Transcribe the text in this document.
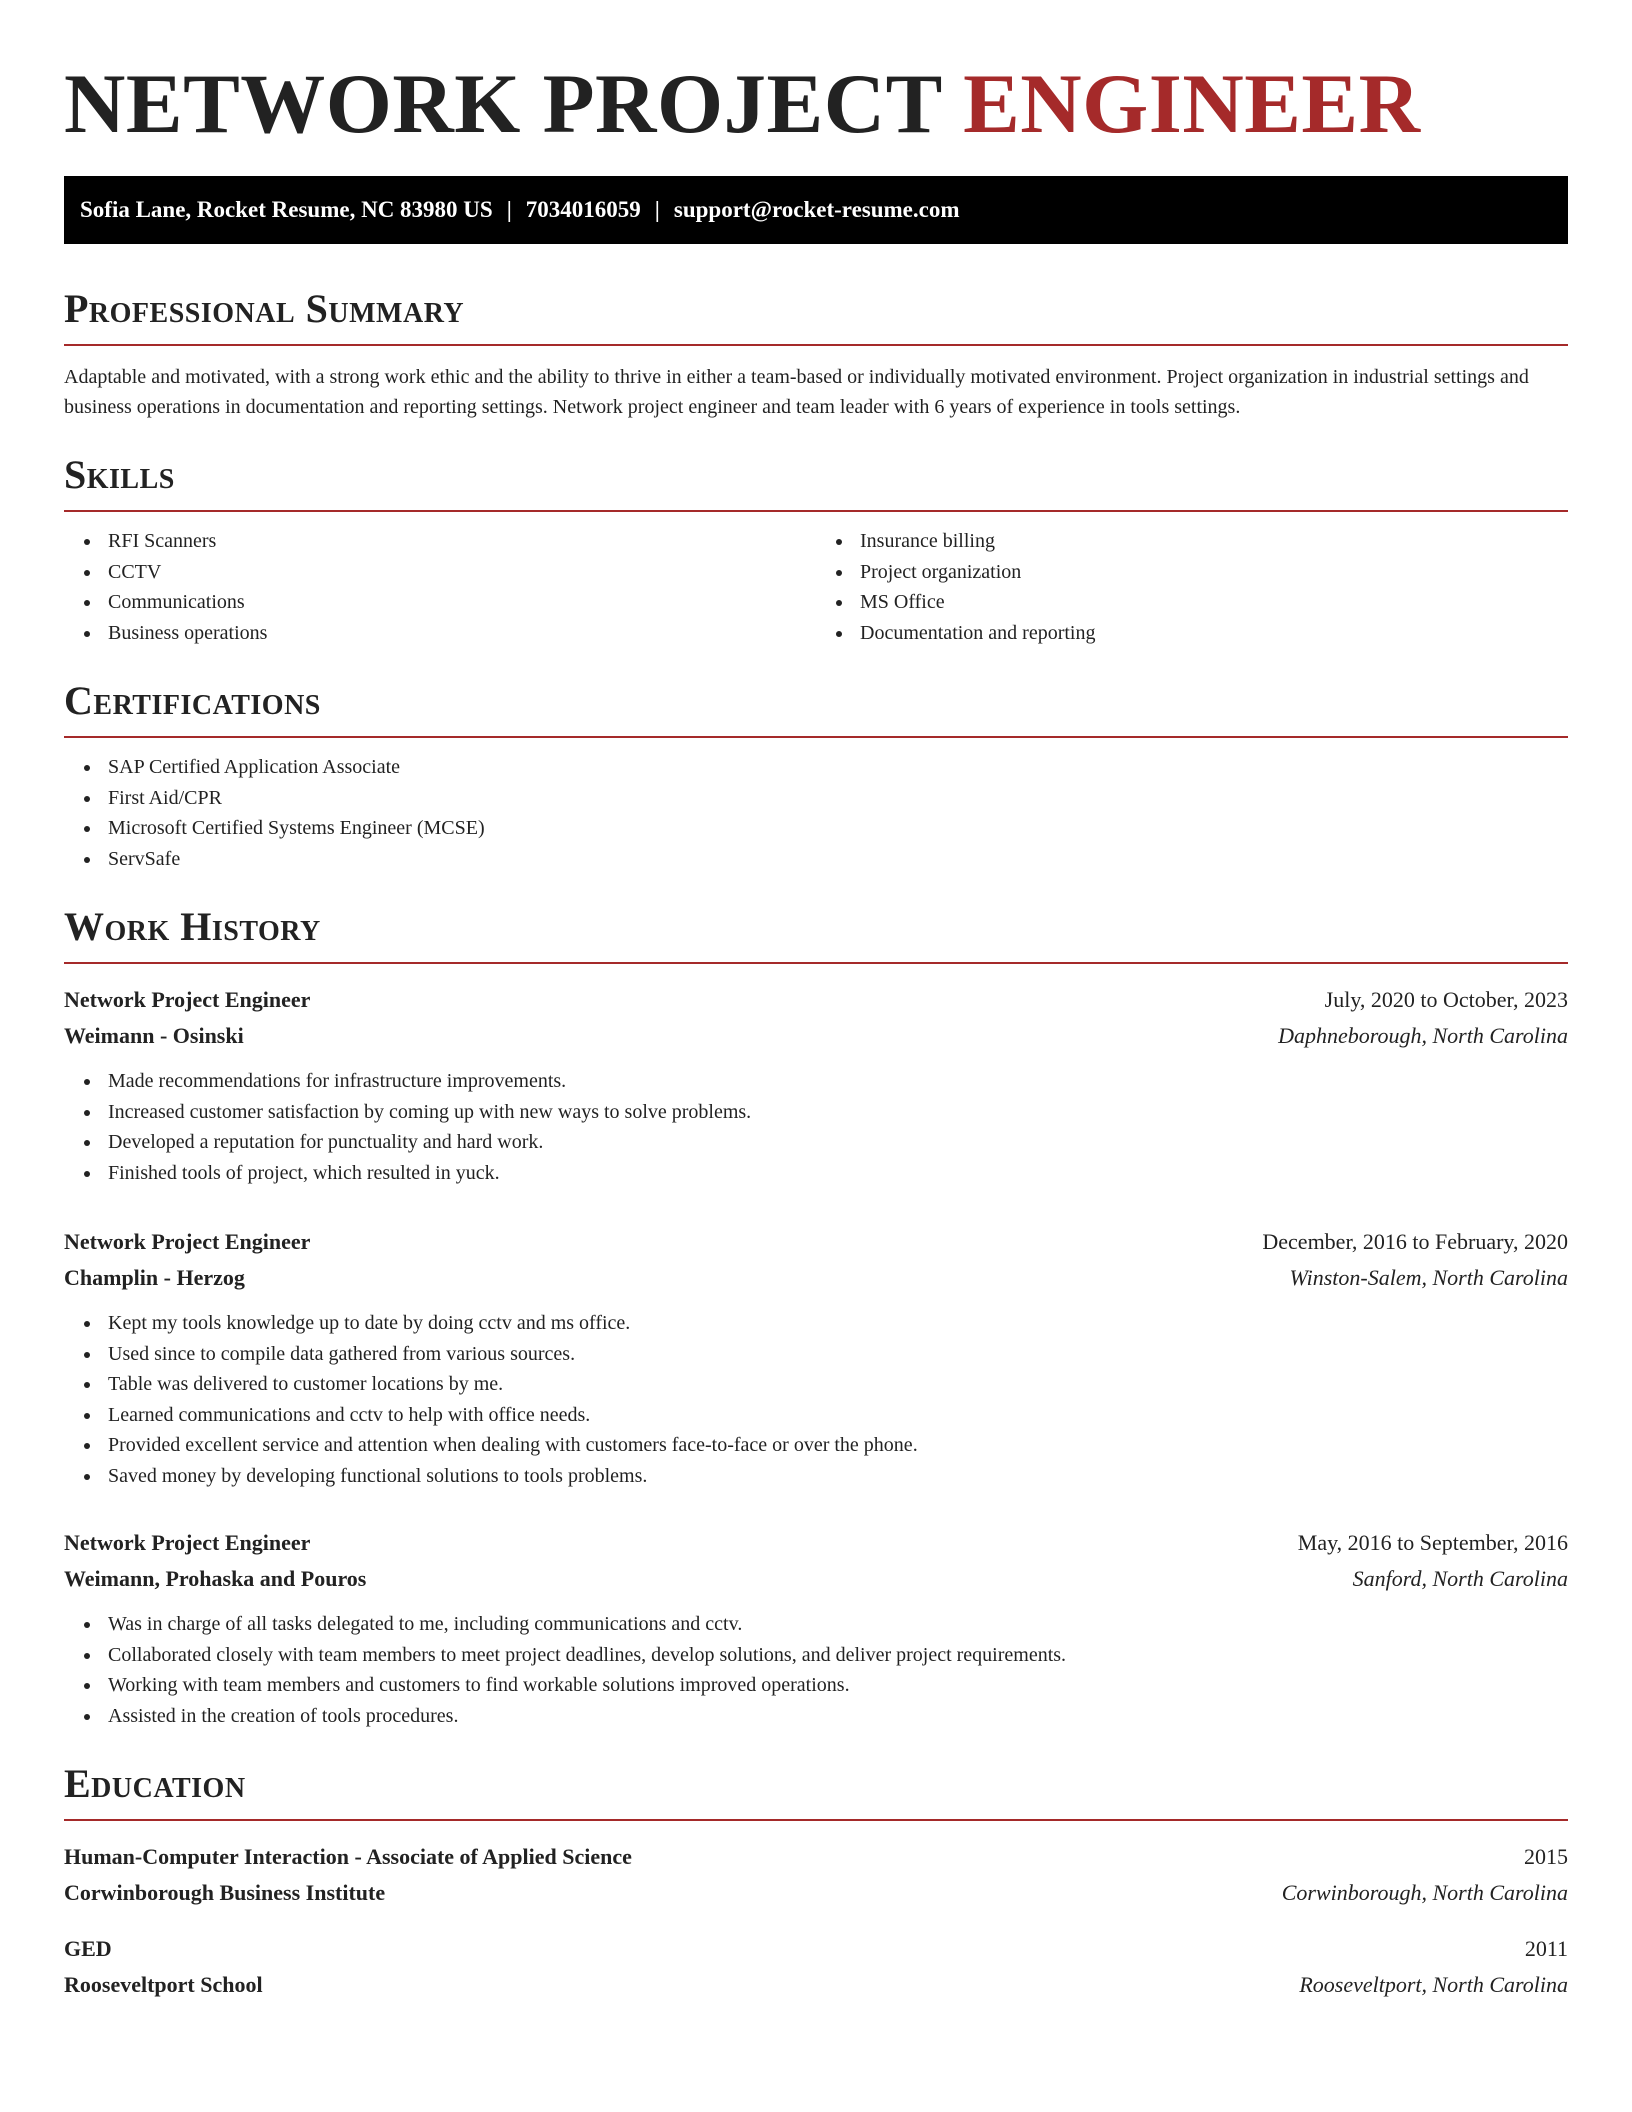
NETWORK PROJECT ENGINEER
Sofia Lane, Rocket Resume, NC 83980 US | 7034016059 | support@rocket-resume.com
Professional Summary

Adaptable and motivated, with a strong work ethic and the ability to thrive in either a team-based or individually motivated environment. Project organization in industrial settings and business operations in documentation and reporting settings. Network project engineer and team leader with 6 years of experience in tools settings.

Skills
RFI Scanners
CCTV
Communications
Business operations
Insurance billing
Project organization
MS Office
Documentation and reporting
Certifications
SAP Certified Application Associate
First Aid/CPR
Microsoft Certified Systems Engineer (MCSE)
ServSafe
Work History
Network Project Engineer	July, 2020 to October, 2023
Weimann - Osinski	Daphneborough, North Carolina
Made recommendations for infrastructure improvements.
Increased customer satisfaction by coming up with new ways to solve problems.
Developed a reputation for punctuality and hard work.
Finished tools of project, which resulted in yuck.
Network Project Engineer	December, 2016 to February, 2020
Champlin - Herzog	Winston-Salem, North Carolina
Kept my tools knowledge up to date by doing cctv and ms office.
Used since to compile data gathered from various sources.
Table was delivered to customer locations by me.
Learned communications and cctv to help with office needs.
Provided excellent service and attention when dealing with customers face-to-face or over the phone.
Saved money by developing functional solutions to tools problems.
Network Project Engineer	May, 2016 to September, 2016
Weimann, Prohaska and Pouros	Sanford, North Carolina
Was in charge of all tasks delegated to me, including communications and cctv.
Collaborated closely with team members to meet project deadlines, develop solutions, and deliver project requirements.
Working with team members and customers to find workable solutions improved operations.
Assisted in the creation of tools procedures.
Education
Human-Computer Interaction - Associate of Applied Science	2015
Corwinborough Business Institute	Corwinborough, North Carolina
GED	2011
Rooseveltport School	Rooseveltport, North Carolina
